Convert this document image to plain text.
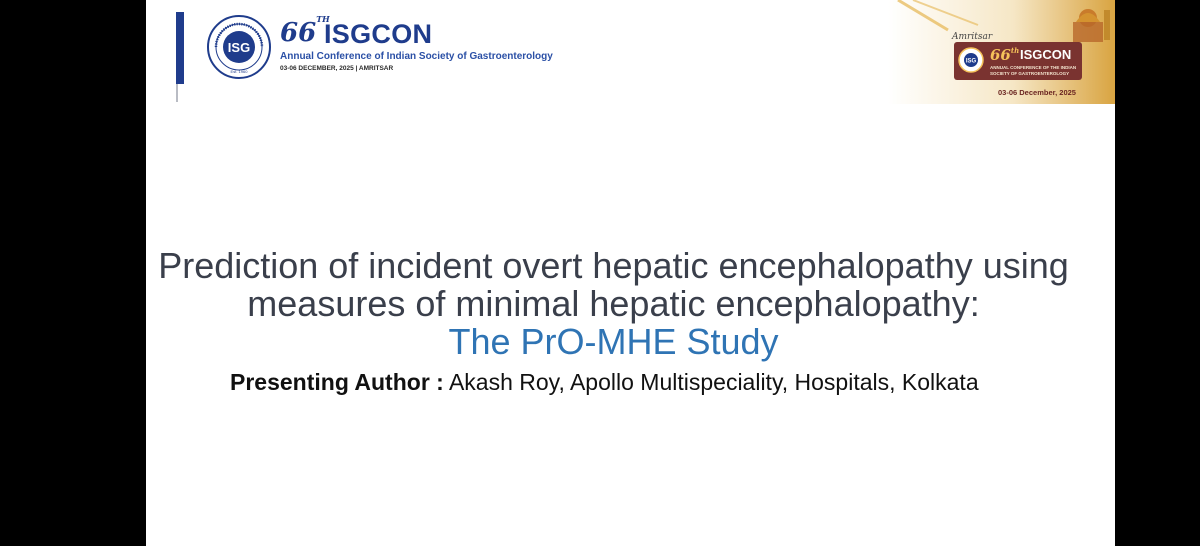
ISG
Est. 1960
66TH
ISGCON
Annual Conference of Indian Society of Gastroenterology
03-06 DECEMBER, 2025 | AMRITSAR
Amritsar
ISG 66th ISGCON
ANNUAL CONFERENCE OF THE INDIAN SOCIETY OF GASTROENTEROLOGY
03-06 December, 2025
Prediction of incident overt hepatic encephalopathy using
measures of minimal hepatic encephalopathy:
The PrO-MHE Study
Presenting Author : Akash Roy, Apollo Multispeciality, Hospitals, Kolkata
